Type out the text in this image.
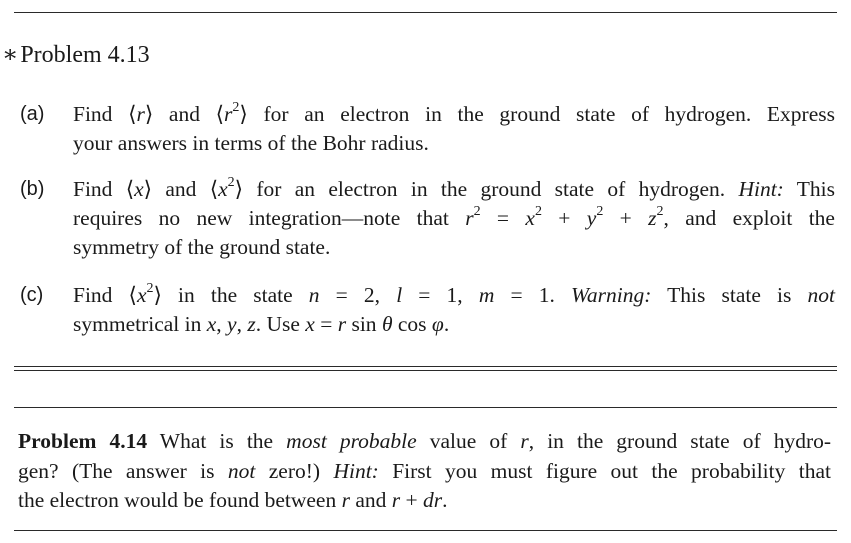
∗Problem 4.13
(a) Find ⟨r⟩ and $⟨r^2⟩$ for an electron in the ground state of hydrogen. Express
your answers in terms of the Bohr radius.
(b) Find ⟨x⟩ and $⟨x^2⟩$ for an electron in the ground state of hydrogen. Hint: This
requires no new integration—note that $r^2 = x^2 + y^2 + z^2$, and exploit the
symmetry of the ground state.
(c) Find $⟨x^2⟩$ in the state n = 2, l = 1, m = 1. Warning: This state is not
symmetrical in x, y, z. Use x = r sin θ cos φ.
Problem 4.14 What is the most probable value of r, in the ground state of hydro-
gen? (The answer is not zero!) Hint: First you must figure out the probability that
the electron would be found between r and r + dr.
